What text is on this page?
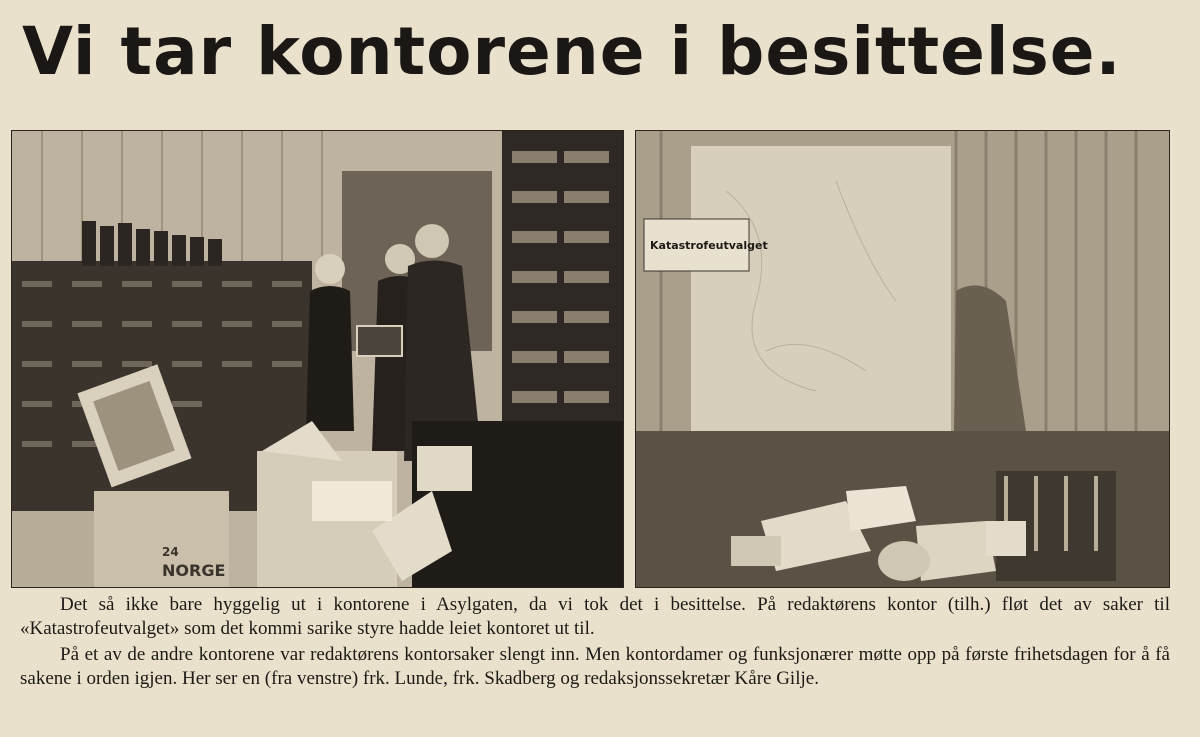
Vi tar kontorene i besittelse.
24
NORGE
Katastrofeutvalget

Det så ikke bare hyggelig ut i kontorene i Asylgaten, da vi tok det i besittelse. På redaktørens kontor (tilh.) fløt det av saker til «Katastrofeutvalget» som det kommi sarike styre hadde leiet kontoret ut til.

På et av de andre kontorene var redaktørens kontorsaker slengt inn. Men kontordamer og funksjonærer møtte opp på første frihetsdagen for å få sakene i orden igjen. Her ser en (fra venstre) frk. Lunde, frk. Skadberg og redaksjonssekretær Kåre Gilje.
